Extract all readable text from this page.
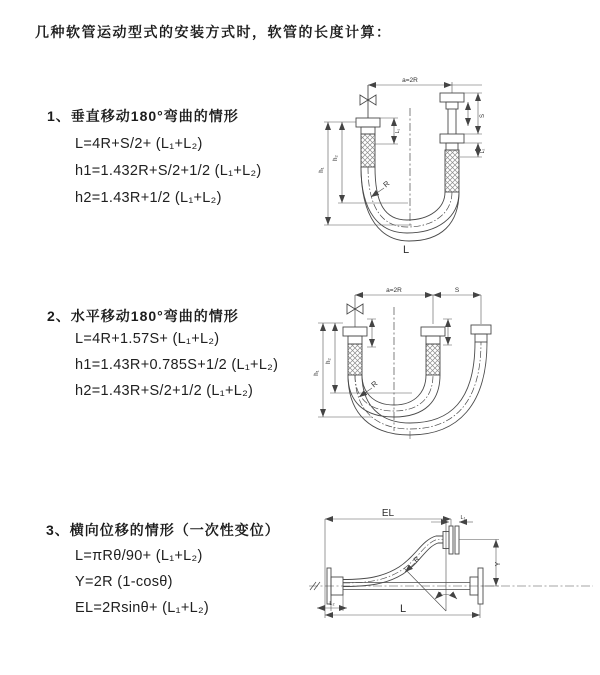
几种软管运动型式的安装方式时，软管的长度计算：
1、垂直移动180°弯曲的情形
L=4R+S/2+ (L₁+L₂)
h1=1.432R+S/2+1/2 (L₁+L₂)
h2=1.43R+1/2 (L₁+L₂)
a=2R
S
L₂
L₁
h₁
h₂
R
L
2、水平移动180°弯曲的情形
L=4R+1.57S+ (L₁+L₂)
h1=1.43R+0.785S+1/2 (L₁+L₂)
h2=1.43R+S/2+1/2 (L₁+L₂)
a=2R	S
h₁
h₂
R
3、横向位移的情形（一次性变位）
L=πRθ/90+ (L₁+L₂)
Y=2R (1-cosθ)
EL=2Rsinθ+ (L₁+L₂)
EL	L₁
Y
L
L₂
θ
R
